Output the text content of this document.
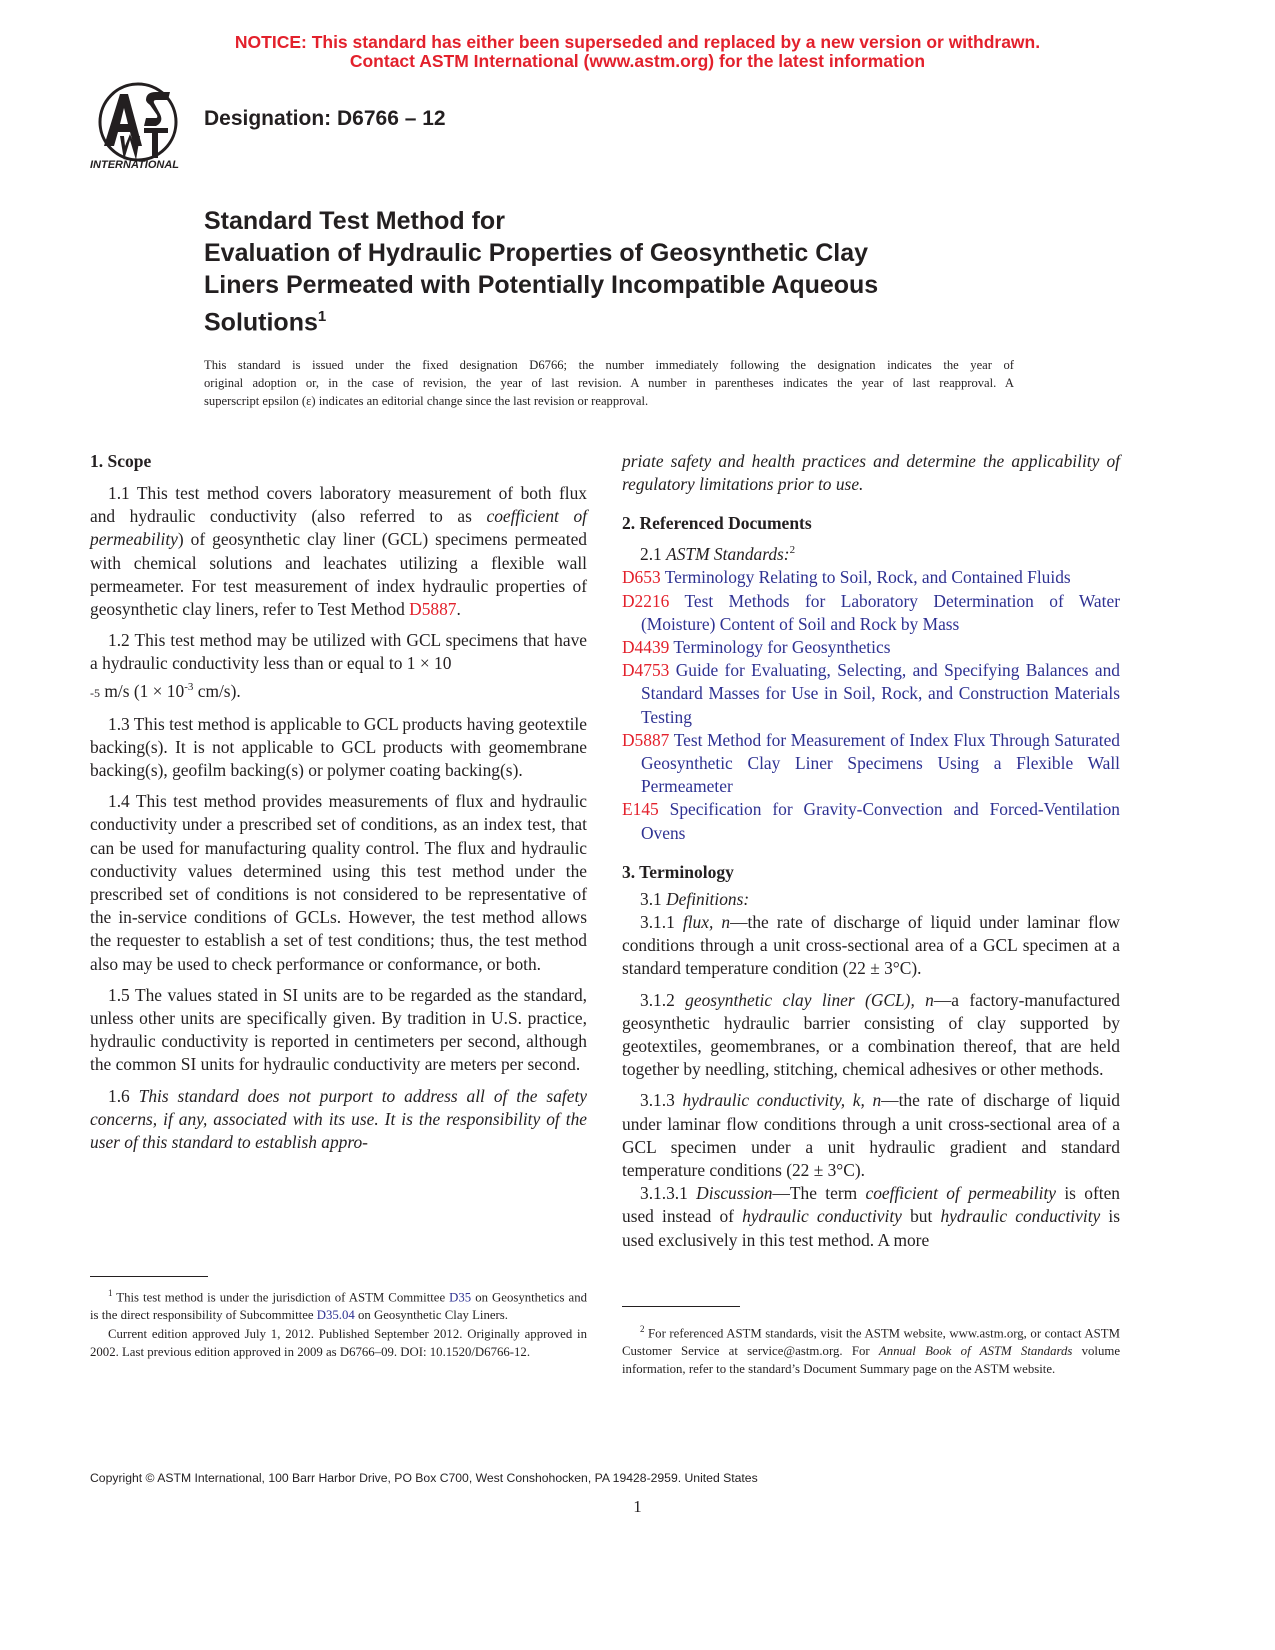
NOTICE: This standard has either been superseded and replaced by a new version or withdrawn.
Contact ASTM International (www.astm.org) for the latest information
INTERNATIONAL
Designation: D6766 – 12
Standard Test Method for
Evaluation of Hydraulic Properties of Geosynthetic Clay
Liners Permeated with Potentially Incompatible Aqueous
Solutions$^1$
This standard is issued under the fixed designation D6766; the number immediately following the designation indicates the year of
original adoption or, in the case of revision, the year of last revision. A number in parentheses indicates the year of last reapproval. A
superscript epsilon (ε) indicates an editorial change since the last revision or reapproval.
1. Scope

1.1 This test method covers laboratory measurement of both flux and hydraulic conductivity (also referred to as coefficient of permeability) of geosynthetic clay liner (GCL) specimens permeated with chemical solutions and leachates utilizing a flexible wall permeameter. For test measurement of index hydraulic properties of geosynthetic clay liners, refer to Test Method D5887.

1.2 This test method may be utilized with GCL specimens that have a hydraulic conductivity less than or equal to 1 × 10
-5 m/s ($1 \times 10^{-3}$ cm/s).

1.3 This test method is applicable to GCL products having geotextile backing(s). It is not applicable to GCL products with geomembrane backing(s), geofilm backing(s) or polymer coating backing(s).

1.4 This test method provides measurements of flux and hydraulic conductivity under a prescribed set of conditions, as an index test, that can be used for manufacturing quality control. The flux and hydraulic conductivity values determined using this test method under the prescribed set of conditions is not considered to be representative of the in-service conditions of GCLs. However, the test method allows the requester to establish a set of test conditions; thus, the test method also may be used to check performance or conformance, or both.

1.5 The values stated in SI units are to be regarded as the standard, unless other units are specifically given. By tradition in U.S. practice, hydraulic conductivity is reported in centimeters per second, although the common SI units for hydraulic conductivity are meters per second.

1.6 This standard does not purport to address all of the safety concerns, if any, associated with its use. It is the responsibility of the user of this standard to establish appro-

$^1$ This test method is under the jurisdiction of ASTM Committee D35 on Geosynthetics and is the direct responsibility of Subcommittee D35.04 on Geosynthetic Clay Liners.

Current edition approved July 1, 2012. Published September 2012. Originally approved in 2002. Last previous edition approved in 2009 as D6766–09. DOI: 10.1520/D6766-12.

priate safety and health practices and determine the applicability of regulatory limitations prior to use.

2. Referenced Documents

2.1 ASTM Standards:$^2$

D653 Terminology Relating to Soil, Rock, and Contained Fluids

D2216 Test Methods for Laboratory Determination of Water (Moisture) Content of Soil and Rock by Mass

D4439 Terminology for Geosynthetics

D4753 Guide for Evaluating, Selecting, and Specifying Balances and Standard Masses for Use in Soil, Rock, and Construction Materials Testing

D5887 Test Method for Measurement of Index Flux Through Saturated Geosynthetic Clay Liner Specimens Using a Flexible Wall Permeameter

E145 Specification for Gravity-Convection and Forced-Ventilation Ovens

3. Terminology

3.1 Definitions:

3.1.1 flux, n—the rate of discharge of liquid under laminar flow conditions through a unit cross-sectional area of a GCL specimen at a standard temperature condition (22 ± 3°C).

3.1.2 geosynthetic clay liner (GCL), n—a factory-manufactured geosynthetic hydraulic barrier consisting of clay supported by geotextiles, geomembranes, or a combination thereof, that are held together by needling, stitching, chemical adhesives or other methods.

3.1.3 hydraulic conductivity, k, n—the rate of discharge of liquid under laminar flow conditions through a unit cross-sectional area of a GCL specimen under a unit hydraulic gradient and standard temperature conditions (22 ± 3°C).

3.1.3.1 Discussion—The term coefficient of permeability is often used instead of hydraulic conductivity but hydraulic conductivity is used exclusively in this test method. A more

$^2$ For referenced ASTM standards, visit the ASTM website, www.astm.org, or contact ASTM Customer Service at service@astm.org. For Annual Book of ASTM Standards volume information, refer to the standard’s Document Summary page on the ASTM website.

Copyright © ASTM International, 100 Barr Harbor Drive, PO Box C700, West Conshohocken, PA 19428-2959. United States
1
